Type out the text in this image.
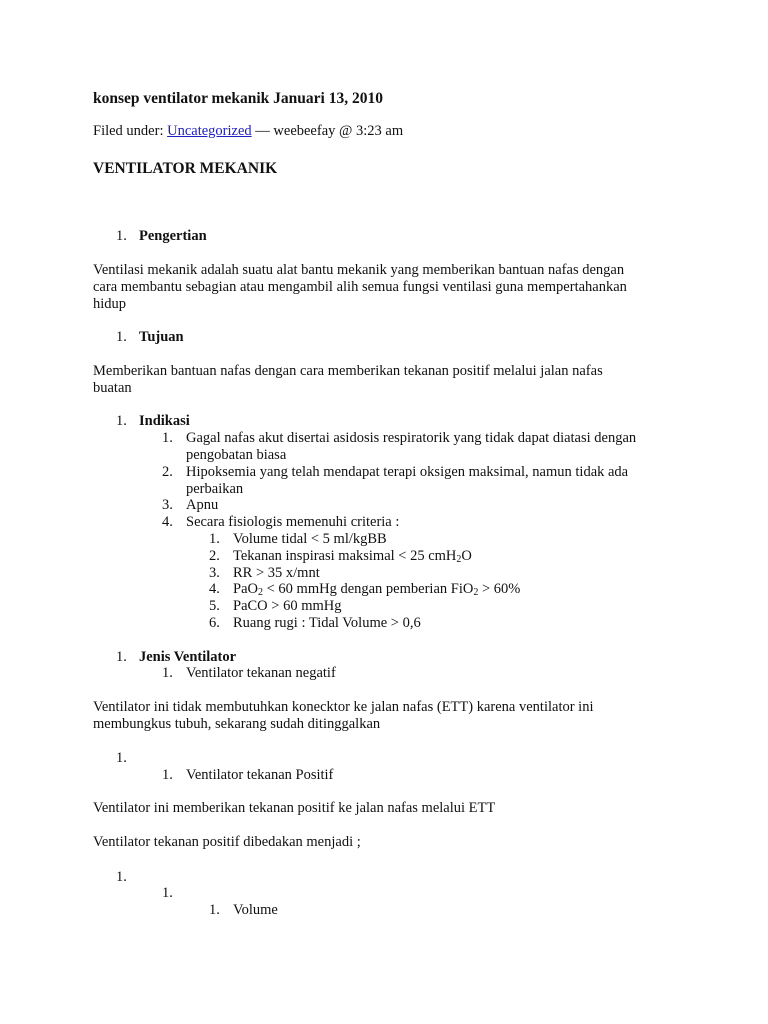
konsep ventilator mekanik Januari 13, 2010
Filed under: Uncategorized — weebeefay @ 3:23 am
VENTILATOR MEKANIK
1. Pengertian
Ventilasi mekanik adalah suatu alat bantu mekanik yang memberikan bantuan nafas dengan
cara membantu sebagian atau mengambil alih semua fungsi ventilasi guna mempertahankan
hidup
1. Tujuan
Memberikan bantuan nafas dengan cara memberikan tekanan positif melalui jalan nafas
buatan
1. Indikasi
1. Gagal nafas akut disertai asidosis respiratorik yang tidak dapat diatasi dengan
pengobatan biasa
2. Hipoksemia yang telah mendapat terapi oksigen maksimal, namun tidak ada
perbaikan
3. Apnu
4. Secara fisiologis memenuhi criteria :
1. Volume tidal < 5 ml/kgBB
2. Tekanan inspirasi maksimal < 25 cmH$_2$O
3. RR > 35 x/mnt
4. PaO$_2$ < 60 mmHg dengan pemberian FiO$_2$ > 60%
5. PaCO > 60 mmHg
6. Ruang rugi : Tidal Volume > 0,6
1. Jenis Ventilator
1. Ventilator tekanan negatif
Ventilator ini tidak membutuhkan konecktor ke jalan nafas (ETT) karena ventilator ini
membungkus tubuh, sekarang sudah ditinggalkan
1.
1. Ventilator tekanan Positif
Ventilator ini memberikan tekanan positif ke jalan nafas melalui ETT
Ventilator tekanan positif dibedakan menjadi ;
1.
1.
1. Volume
